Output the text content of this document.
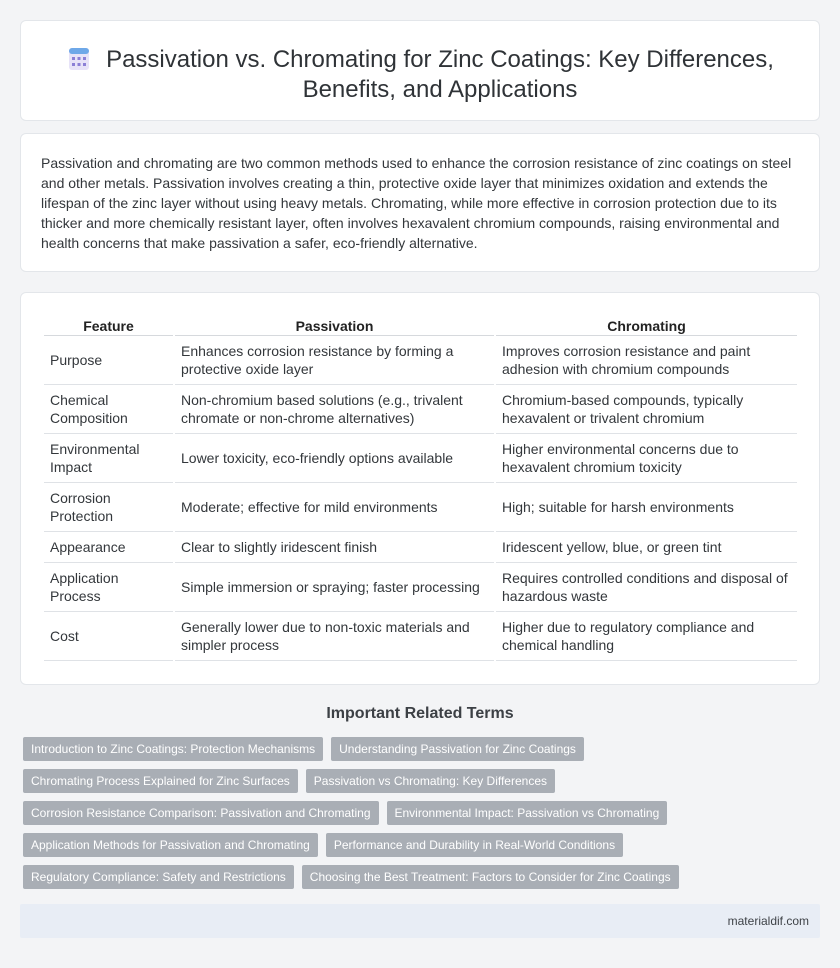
Passivation vs. Chromating for Zinc Coatings: Key Differences, Benefits, and Applications

Passivation and chromating are two common methods used to enhance the corrosion resistance of zinc coatings on steel and other metals. Passivation involves creating a thin, protective oxide layer that minimizes oxidation and extends the lifespan of the zinc layer without using heavy metals. Chromating, while more effective in corrosion protection due to its thicker and more chemically resistant layer, often involves hexavalent chromium compounds, raising environmental and health concerns that make passivation a safer, eco-friendly alternative.

Feature	Passivation	Chromating
Purpose	Enhances corrosion resistance by forming a protective oxide layer	Improves corrosion resistance and paint adhesion with chromium compounds
Chemical Composition	Non-chromium based solutions (e.g., trivalent chromate or non-chrome alternatives)	Chromium-based compounds, typically hexavalent or trivalent chromium
Environmental Impact	Lower toxicity, eco-friendly options available	Higher environmental concerns due to hexavalent chromium toxicity
Corrosion Protection	Moderate; effective for mild environments	High; suitable for harsh environments
Appearance	Clear to slightly iridescent finish	Iridescent yellow, blue, or green tint
Application Process	Simple immersion or spraying; faster processing	Requires controlled conditions and disposal of hazardous waste
Cost	Generally lower due to non-toxic materials and simpler process	Higher due to regulatory compliance and chemical handling
Important Related Terms
Introduction to Zinc Coatings: Protection Mechanisms	Understanding Passivation for Zinc Coatings
Chromating Process Explained for Zinc Surfaces	Passivation vs Chromating: Key Differences
Corrosion Resistance Comparison: Passivation and Chromating	Environmental Impact: Passivation vs Chromating
Application Methods for Passivation and Chromating	Performance and Durability in Real-World Conditions
Regulatory Compliance: Safety and Restrictions	Choosing the Best Treatment: Factors to Consider for Zinc Coatings
materialdif.com
